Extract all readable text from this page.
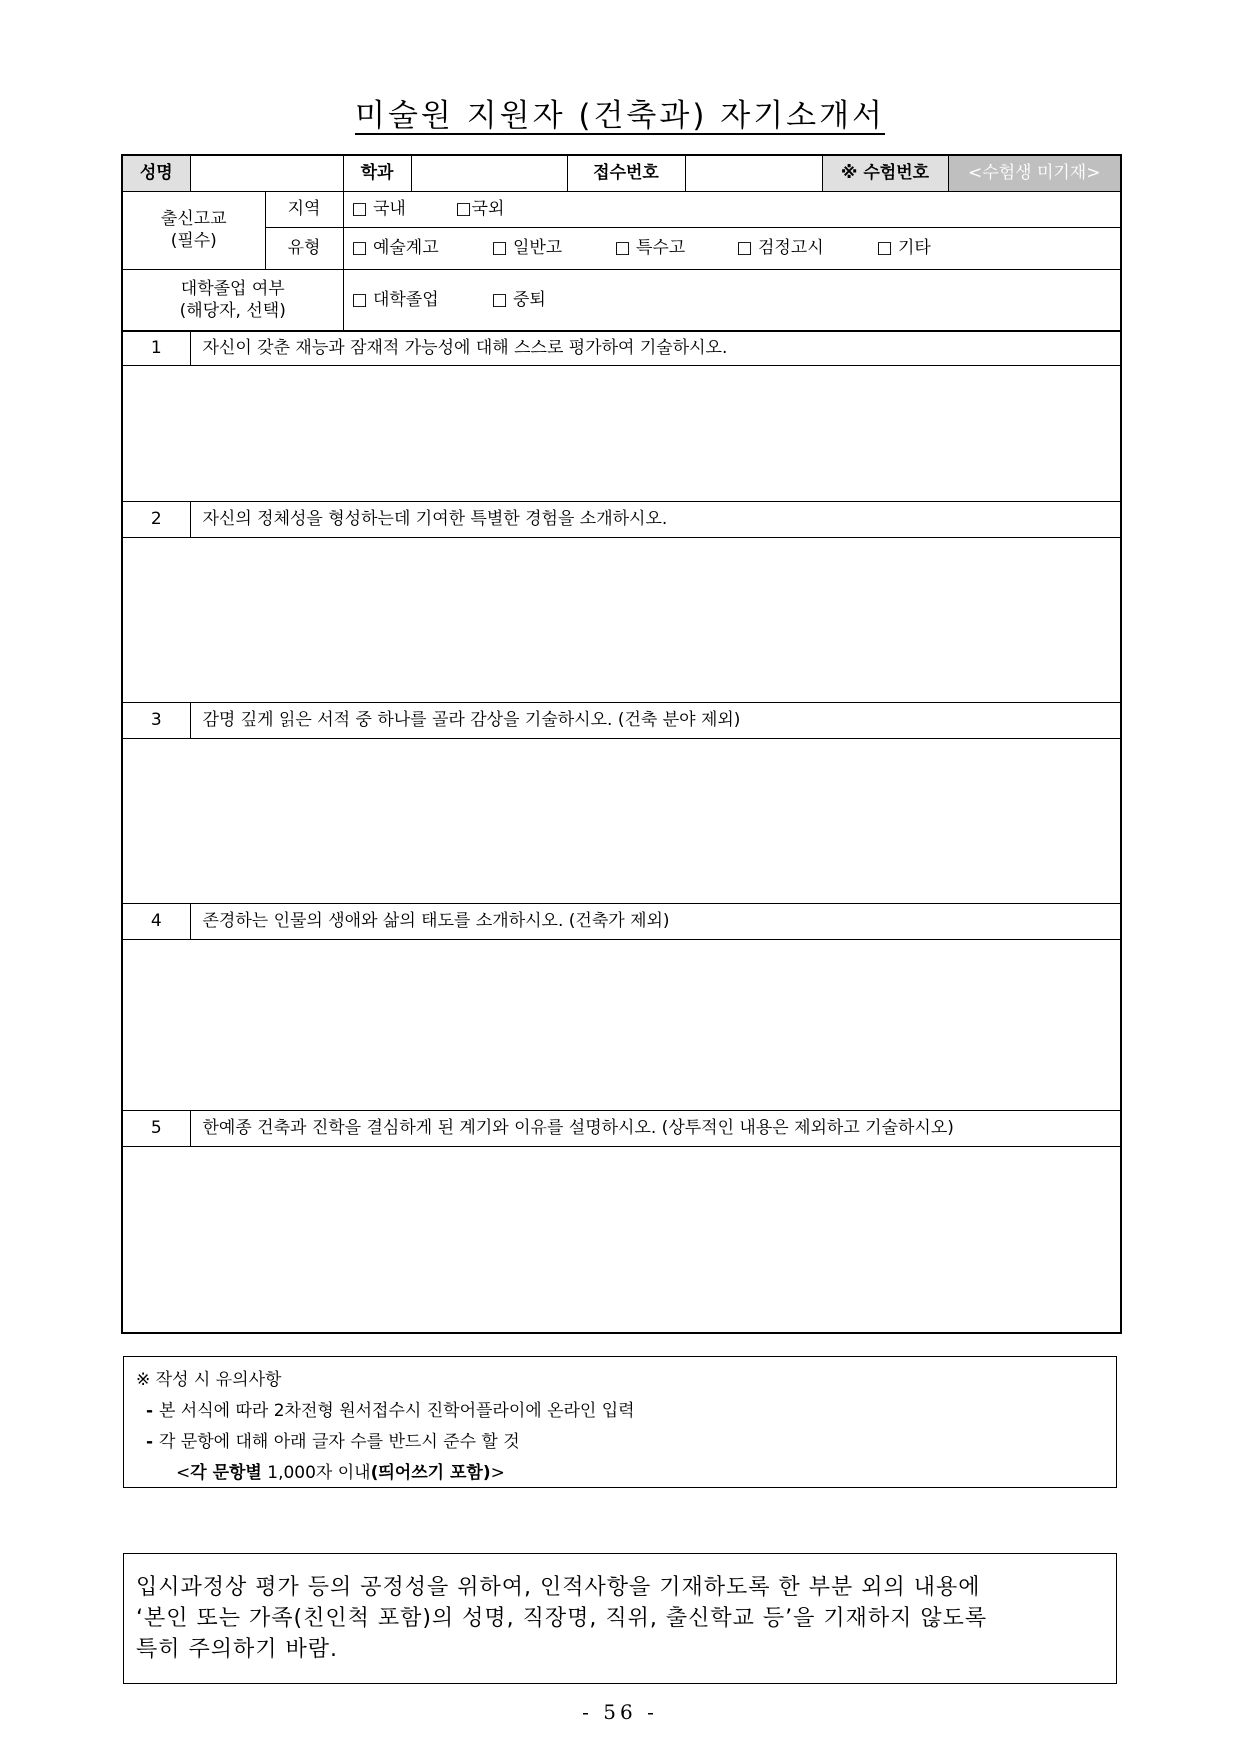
미술원 지원자 (건축과) 자기소개서
성명			학과		접수번호		※ 수험번호	<수험생 미기재>

출신고교
(필수)		지역	□ 국내 □국외					
		유형	□ 예술계고 □ 일반고 □ 특수고 □ 검정고시 □ 기타					

대학졸업 여부
(해당자, 선택)			□ 대학졸업 □ 중퇴					
1	자신이 갖춘 재능과 잠재적 가능성에 대해 스스로 평가하여 기술하시오.							

2	자신의 정체성을 형성하는데 기여한 특별한 경험을 소개하시오.							

3	감명 깊게 읽은 서적 중 하나를 골라 감상을 기술하시오. (건축 분야 제외)							

4	존경하는 인물의 생애와 삶의 태도를 소개하시오. (건축가 제외)							

5	한예종 건축과 진학을 결심하게 된 계기와 이유를 설명하시오. (상투적인 내용은 제외하고 기술하시오)							

※ 작성 시 유의사항
- 본 서식에 따라 2차전형 원서접수시 진학어플라이에 온라인 입력
- 각 문항에 대해 아래 글자 수를 반드시 준수 할 것
<각 문항별 1,000자 이내(띄어쓰기 포함)>
입시과정상 평가 등의 공정성을 위하여, 인적사항을 기재하도록 한 부분 외의 내용에
‘본인 또는 가족(친인척 포함)의 성명, 직장명, 직위, 출신학교 등’을 기재하지 않도록
특히 주의하기 바람.
- 56 -
